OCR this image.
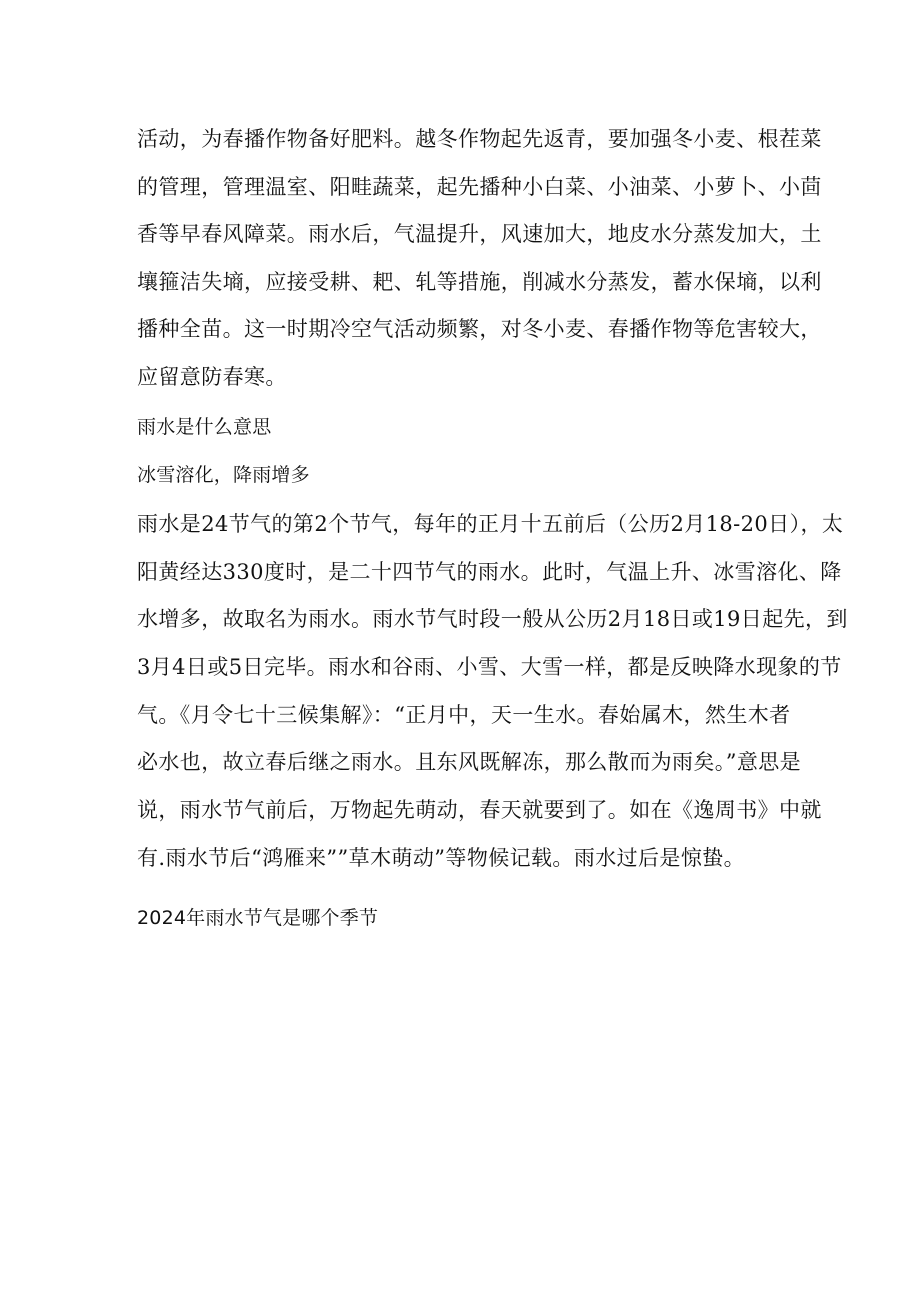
活动，为春播作物备好肥料。越冬作物起先返青，要加强冬小麦、根茬菜
的管理，管理温室、阳畦蔬菜，起先播种小白菜、小油菜、小萝卜、小茴
香等早春风障菜。雨水后，气温提升，风速加大，地皮水分蒸发加大，土
壤箍洁失墒，应接受耕、耙、轧等措施，削减水分蒸发，蓄水保墒，以利
播种全苗。这一时期冷空气活动频繁，对冬小麦、春播作物等危害较大，
应留意防春寒。
雨水是什么意思
冰雪溶化，降雨增多
雨水是24节气的第2个节气，每年的正月十五前后（公历2月18-20日），太
阳黄经达330度时，是二十四节气的雨水。此时，气温上升、冰雪溶化、降
水增多，故取名为雨水。雨水节气时段一般从公历2月18日或19日起先，到
3月4日或5日完毕。雨水和谷雨、小雪、大雪一样，都是反映降水现象的节
气。《月令七十三候集解》：“正月中，天一生水。春始属木，然生木者
必水也，故立春后继之雨水。且东风既解冻，那么散而为雨矣。”意思是
说，雨水节气前后，万物起先萌动，春天就要到了。如在《逸周书》中就
有.雨水节后“鸿雁来””草木萌动”等物候记载。雨水过后是惊蛰。
2024年雨水节气是哪个季节
